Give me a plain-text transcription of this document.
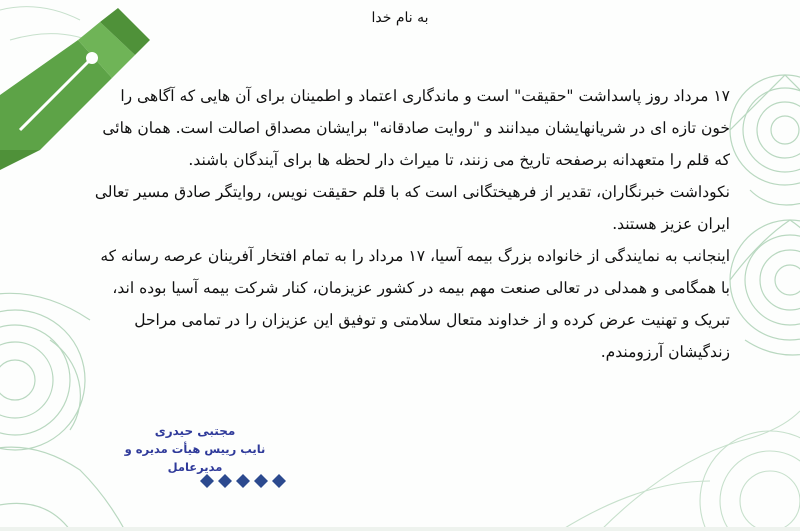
به نام خدا

۱۷ مرداد روز پاسداشت "حقیقت" است و ماندگاری اعتماد و اطمینان برای آن هایی که آگاهی را خون تازه ای در شریانهایشان میدانند و "روایت صادقانه" برایشان مصداق اصالت است. همان هائی که قلم را متعهدانه برصفحه تاریخ می زنند، تا میراث دار لحظه ها برای آیندگان باشند.

نکوداشت خبرنگاران، تقدیر از فرهیختگانی است که با قلم حقیقت نویس، روایتگر صادق مسیر تعالی ایران عزیز هستند.

اینجانب به نمایندگی از خانواده بزرگ بیمه آسیا، ۱۷ مرداد را به تمام افتخار آفرینان عرصه رسانه که با همگامی و همدلی در تعالی صنعت مهم بیمه در کشور عزیزمان، کنار شرکت بیمه آسیا بوده اند، تبریک و تهنیت عرض کرده و از خداوند متعال سلامتی و توفیق این عزیزان را در تمامی مراحل زندگیشان آرزومندم.

مجتبی حیدری
نایب رییس هیأت مدیره و مدیرعامل
